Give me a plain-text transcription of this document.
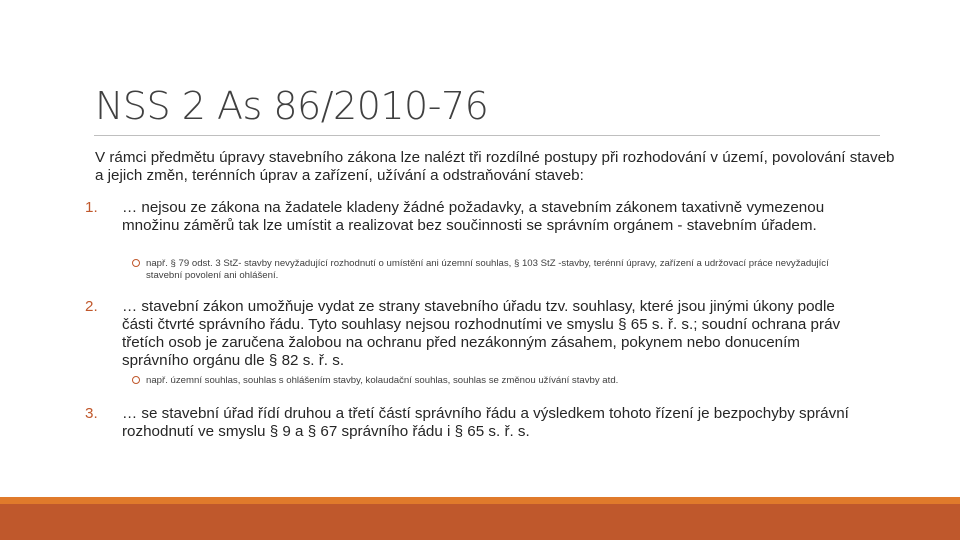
NSS 2 As 86/2010-76

V rámci předmětu úpravy stavebního zákona lze nalézt tři rozdílné postupy při rozhodování v území, povolování staveb a jejich změn, terénních úprav a zařízení, užívání a odstraňování staveb:

1. … nejsou ze zákona na žadatele kladeny žádné požadavky, a stavebním zákonem taxativně vymezenou množinu záměrů tak lze umístit a realizovat bez součinnosti se správním orgánem - stavebním úřadem.

např. § 79 odst. 3 StZ- stavby nevyžadující rozhodnutí o umístění ani územní souhlas, § 103 StZ -stavby, terénní úpravy, zařízení a udržovací práce nevyžadující stavební povolení ani ohlášení.

2. … stavební zákon umožňuje vydat ze strany stavebního úřadu tzv. souhlasy, které jsou jinými úkony podle části čtvrté správního řádu. Tyto souhlasy nejsou rozhodnutími ve smyslu § 65 s. ř. s.; soudní ochrana práv třetích osob je zaručena žalobou na ochranu před nezákonným zásahem, pokynem nebo donucením správního orgánu dle § 82 s. ř. s.

např. územní souhlas, souhlas s ohlášením stavby, kolaudační souhlas, souhlas se změnou užívání stavby atd.

3. … se stavební úřad řídí druhou a třetí částí správního řádu a výsledkem tohoto řízení je bezpochyby správní rozhodnutí ve smyslu § 9 a § 67 správního řádu i § 65 s. ř. s.
